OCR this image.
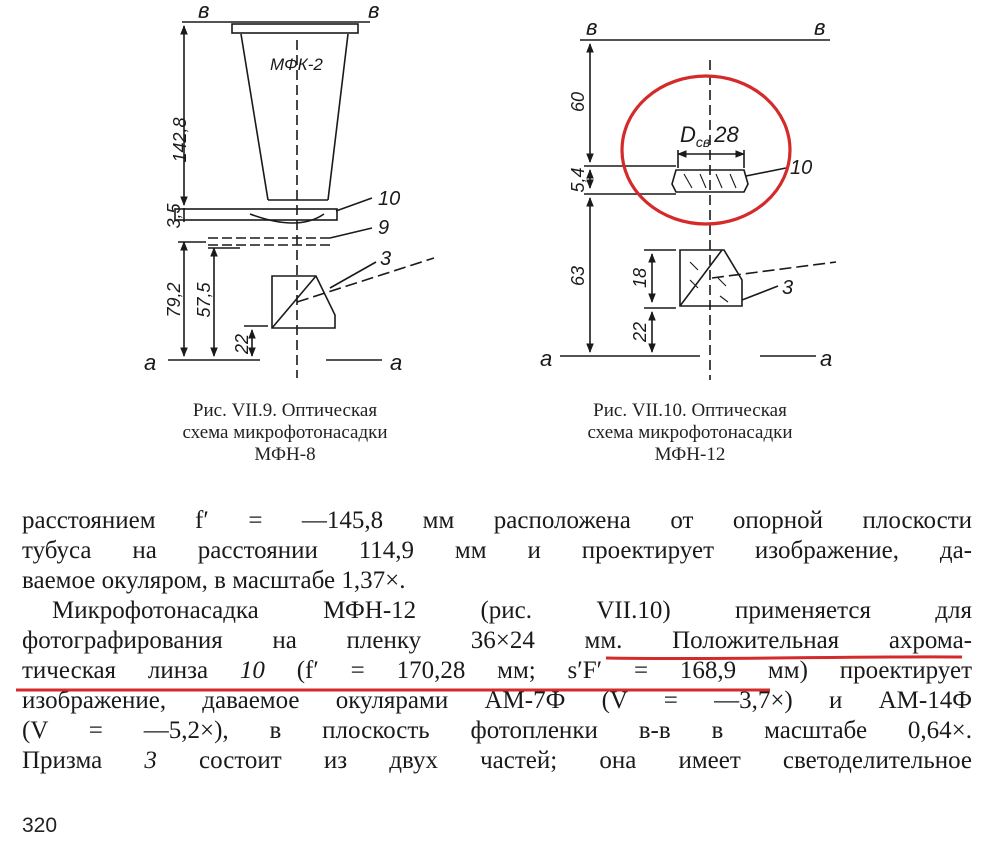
в	в
а	а
МФК-2
10
9
3
142,8
3,5
79,2 57,5
22
в	в
а	а
$D_{св}$ 28
10
3
60
5,4
63 18
22
Рис. VII.9. Оптическая
схема микрофотонасадки
МФН-8
Рис. VII.10. Оптическая
схема микрофотонасадки
МФН-12
расстоянием f′ = —145,8 мм расположена от опорной плоскости
тубуса на расстоянии 114,9 мм и проектирует изображение, да-
ваемое окуляром, в масштабе 1,37×.
Микрофотонасадка МФН-12 (рис. VII.10) применяется для
фотографирования на пленку 36×24 мм. Положительная ахрома-
тическая линза 10 (f′ = 170,28 мм; s′F′ = 168,9 мм) проектирует
изображение, даваемое окулярами АМ-7Ф (V = —3,7×) и АМ-14Ф
(V = —5,2×), в плоскость фотопленки в-в в масштабе 0,64×.
Призма 3 состоит из двух частей; она имеет светоделительное
320
